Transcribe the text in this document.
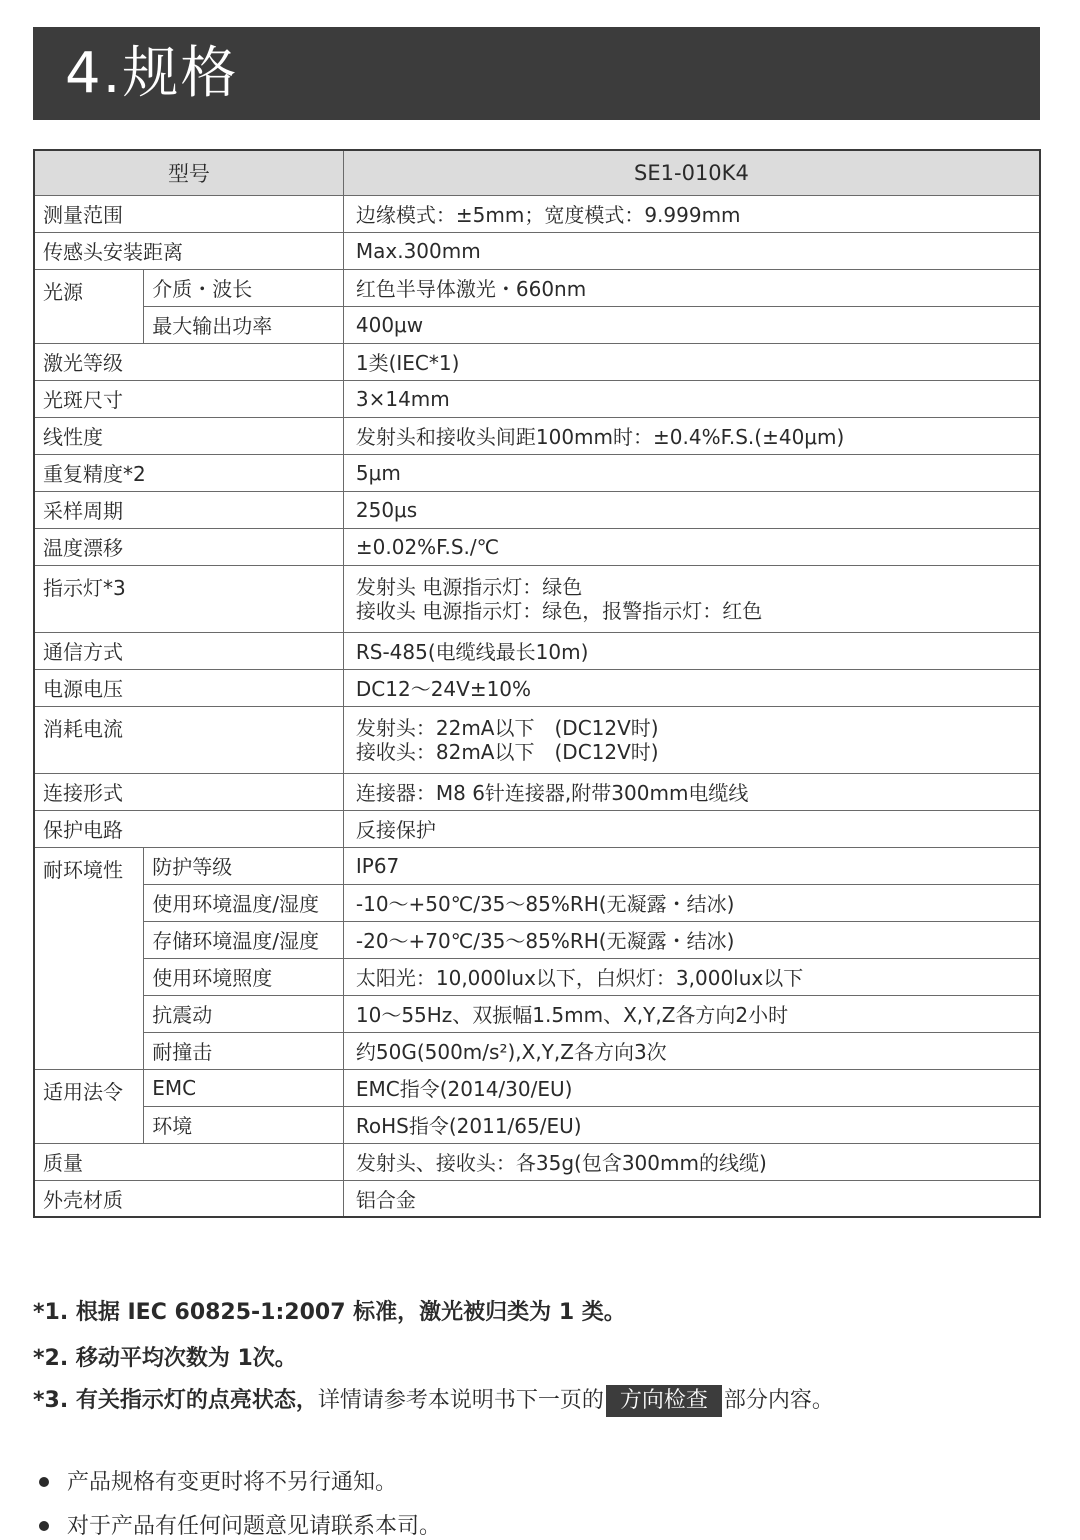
4.规格
型号		SE1-010K4
测量范围		边缘模式：±5mm；宽度模式：9.999mm
传感头安装距离		Max.300mm
光源	介质・波长	红色半导体激光・660nm
	最大输出功率	400μw
激光等级		1类(IEC*1)
光斑尺寸		3×14mm
线性度		发射头和接收头间距100mm时：±0.4%F.S.(±40μm)
重复精度*2		5μm
采样周期		250μs
温度漂移		±0.02%F.S./℃
指示灯*3		发射头 电源指示灯：绿色
接收头 电源指示灯：绿色，报警指示灯：红色

通信方式		RS-485(电缆线最长10m)
电源电压		DC12～24V±10%
消耗电流		发射头：22mA以下　(DC12V时)
接收头：82mA以下　(DC12V时)

连接形式		连接器：M8 6针连接器,附带300mm电缆线
保护电路		反接保护
耐环境性	防护等级	IP67
	使用环境温度/湿度	-10～+50℃/35～85%RH(无凝露・结冰)
	存储环境温度/湿度	-20～+70℃/35～85%RH(无凝露・结冰)
	使用环境照度	太阳光：10,000lux以下，白炽灯：3,000lux以下
	抗震动	10～55Hz、双振幅1.5mm、X,Y,Z各方向2小时
	耐撞击	约50G(500m/s²),X,Y,Z各方向3次
适用法令	EMC	EMC指令(2014/30/EU)
	环境	RoHS指令(2011/65/EU)
质量		发射头、接收头：各35g(包含300mm的线缆)
外壳材质		铝合金
*1. 根据 IEC 60825-1:2007 标准，激光被归类为 1 类。
*2. 移动平均次数为 1次。
*3. 有关指示灯的点亮状态，详情请参考本说明书下一页的 方向检查 部分内容。
产品规格有变更时将不另行通知。
对于产品有任何问题意见请联系本司。
